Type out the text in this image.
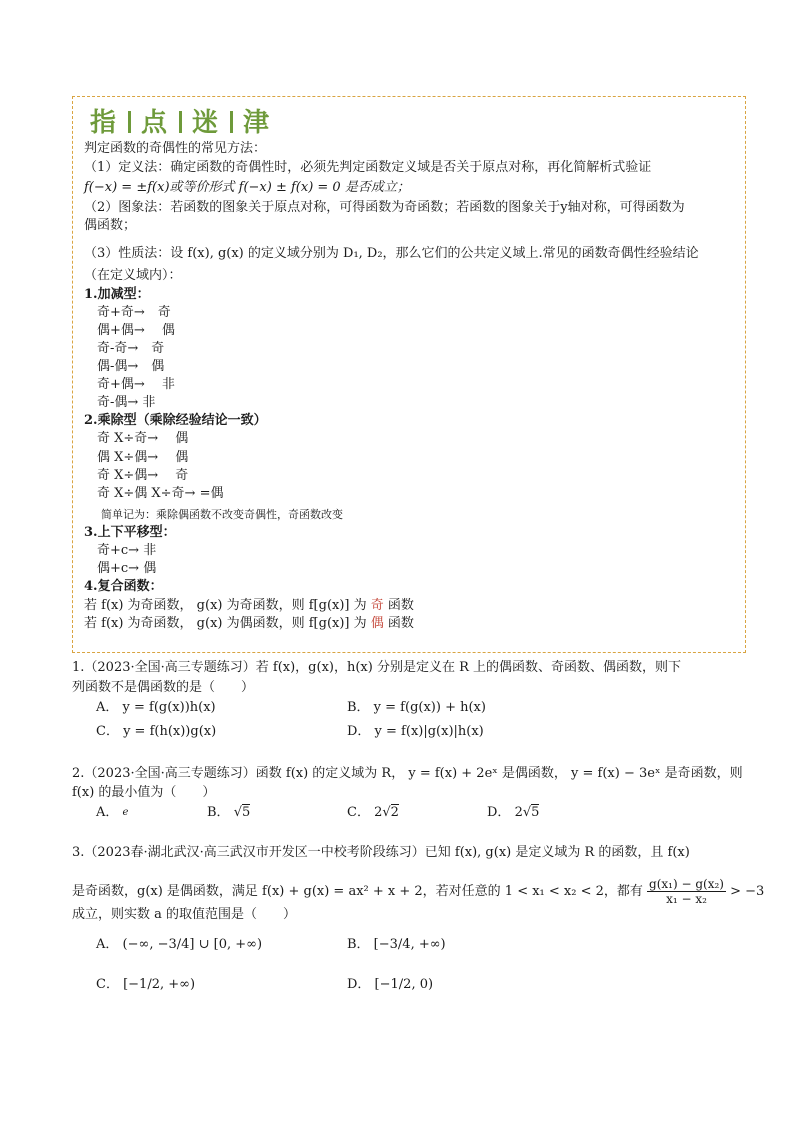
指 点 迷 津
判定函数的奇偶性的常见方法：
（1）定义法：确定函数的奇偶性时，必须先判定函数定义域是否关于原点对称，再化简解析式验证
f(−x) = ±f(x)或等价形式 f(−x) ± f(x) = 0 是否成立；
（2）图象法：若函数的图象关于原点对称，可得函数为奇函数；若函数的图象关于y轴对称，可得函数为
偶函数；
（3）性质法：设 f(x), g(x) 的定义域分别为 D₁, D₂，那么它们的公共定义域上.常见的函数奇偶性经验结论
（在定义域内）：
1.加减型：
奇+奇→　奇
偶+偶→　 偶
奇-奇→　奇
偶-偶→　偶
奇+偶→　 非
奇-偶→ 非
2.乘除型（乘除经验结论一致）
奇 X÷奇→ 　偶
偶 X÷偶→ 　偶
奇 X÷偶→ 　奇
奇 X÷偶 X÷奇→ =偶
简单记为：乘除偶函数不改变奇偶性，奇函数改变
3.上下平移型：
奇+c→ 非
偶+c→ 偶
4.复合函数：
若 f(x) 为奇函数， g(x) 为奇函数，则 f[g(x)] 为 奇 函数
若 f(x) 为奇函数， g(x) 为偶函数，则 f[g(x)] 为 偶 函数
1.（2023·全国·高三专题练习）若 f(x)，g(x)，h(x) 分别是定义在 R 上的偶函数、奇函数、偶函数，则下
列函数不是偶函数的是（　　）
A． y = f(g(x))h(x)	B． y = f(g(x)) + h(x)
C． y = f(h(x))g(x)	D． y = f(x)|g(x)|h(x)
2.（2023·全国·高三专题练习）函数 f(x) 的定义域为 R， y = f(x) + 2eˣ 是偶函数， y = f(x) − 3eˣ 是奇函数，则
f(x) 的最小值为（　　）
A． $^e$	B． √5	C． 2√2	D． 2√5
3.（2023春·湖北武汉·高三武汉市开发区一中校考阶段练习）已知 f(x), g(x) 是定义域为 R 的函数，且 f(x)
是奇函数，g(x) 是偶函数，满足 f(x) + g(x) = ax² + x + 2，若对任意的 1 < x₁ < x₂ < 2，都有 $\frac{\text{g(x₁) − g(x₂)}}{\text{x₁ − x₂}} > -3$
成立，则实数 a 的取值范围是（　　）
A． (−∞, −3/4] ∪ [0, +∞)	B． [−3/4, +∞)
C． [−1/2, +∞)	D． [−1/2, 0)
